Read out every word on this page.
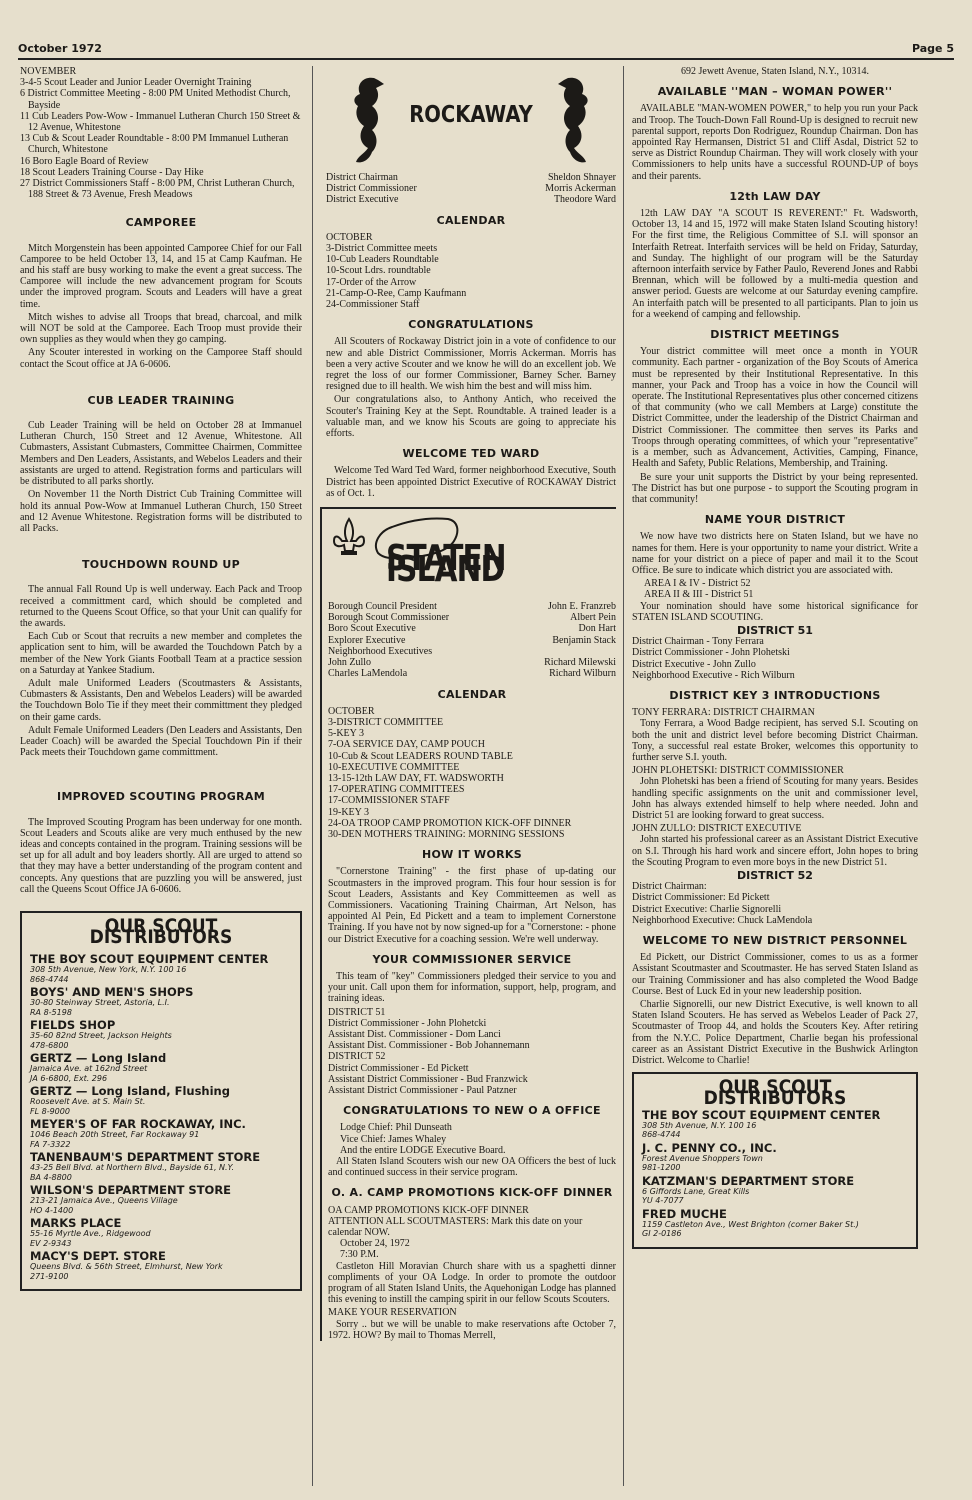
October 1972	Page 5
NOVEMBER
3-4-5 Scout Leader and Junior Leader Overnight Training
6 District Committee Meeting - 8:00 PM United Methodist Church, Bayside
11 Cub Leaders Pow-Wow - Immanuel Lutheran Church 150 Street & 12 Avenue, Whitestone
13 Cub & Scout Leader Roundtable - 8:00 PM Immanuel Lutheran Church, Whitestone
16 Boro Eagle Board of Review
18 Scout Leaders Training Course - Day Hike
27 District Commissioners Staff - 8:00 PM, Christ Lutheran Church, 188 Street & 73 Avenue, Fresh Meadows
CAMPOREE

Mitch Morgenstein has been appointed Camporee Chief for our Fall Camporee to be held October 13, 14, and 15 at Camp Kaufman. He and his staff are busy working to make the event a great success. The Camporee will include the new advancement program for Scouts under the improved program. Scouts and Leaders will have a great time.

Mitch wishes to advise all Troops that bread, charcoal, and milk will NOT be sold at the Camporee. Each Troop must provide their own supplies as they would when they go camping.

Any Scouter interested in working on the Camporee Staff should contact the Scout office at JA 6-0606.

CUB LEADER TRAINING

Cub Leader Training will be held on October 28 at Immanuel Lutheran Church, 150 Street and 12 Avenue, Whitestone. All Cubmasters, Assistant Cubmasters, Committee Chairmen, Committee Members and Den Leaders, Assistants, and Webelos Leaders and their assistants are urged to attend. Registration forms and particulars will be distributed to all parks shortly.

On November 11 the North District Cub Training Committee will hold its annual Pow-Wow at Immanuel Lutheran Church, 150 Street and 12 Avenue Whitestone. Registration forms will be distributed to all Packs.

TOUCHDOWN ROUND UP

The annual Fall Round Up is well underway. Each Pack and Troop received a committment card, which should be completed and returned to the Queens Scout Office, so that your Unit can qualify for the awards.

Each Cub or Scout that recruits a new member and completes the application sent to him, will be awarded the Touchdown Patch by a member of the New York Giants Football Team at a practice session on a Saturday at Yankee Stadium.

Adult male Uniformed Leaders (Scoutmasters & Assistants, Cubmasters & Assistants, Den and Webelos Leaders) will be awarded the Touchdown Bolo Tie if they meet their committment they pledged on their game cards.

Adult Female Uniformed Leaders (Den Leaders and Assistants, Den Leader Coach) will be awarded the Special Touchdown Pin if their Pack meets their Touchdown game committment.

IMPROVED SCOUTING PROGRAM

The Improved Scouting Program has been underway for one month. Scout Leaders and Scouts alike are very much enthused by the new ideas and concepts contained in the program. Training sessions will be set up for all adult and boy leaders shortly. All are urged to attend so that they may have a better understanding of the program content and concepts. Any questions that are puzzling you will be answered, just call the Queens Scout Office JA 6-0606.

OUR SCOUT DISTRIBUTORS
THE BOY SCOUT EQUIPMENT CENTER
308 5th Avenue, New York, N.Y. 100 16
868-4744
BOYS' AND MEN'S SHOPS
30-80 Steinway Street, Astoria, L.I.
RA 8-5198
FIELDS SHOP
35-60 82nd Street, Jackson Heights
478-6800
GERTZ — Long Island
Jamaica Ave. at 162nd Street
JA 6-6800, Ext. 296
GERTZ — Long Island, Flushing
Roosevelt Ave. at S. Main St.
FL 8-9000
MEYER'S OF FAR ROCKAWAY, INC.
1046 Beach 20th Street, Far Rockaway 91
FA 7-3322
TANENBAUM'S DEPARTMENT STORE
43-25 Bell Blvd. at Northern Blvd., Bayside 61, N.Y.
BA 4-8800
WILSON'S DEPARTMENT STORE
213-21 Jamaica Ave., Queens Village
HO 4-1400
MARKS PLACE
55-16 Myrtle Ave., Ridgewood
EV 2-9343
MACY'S DEPT. STORE
Queens Blvd. & 56th Street, Elmhurst, New York
271-9100
ROCKAWAY
District Chairman	Sheldon Shnayer
District Commissioner	Morris Ackerman
District Executive	Theodore Ward
CALENDAR
OCTOBER
3-District Committee meets
10-Cub Leaders Roundtable
10-Scout Ldrs. roundtable
17-Order of the Arrow
21-Camp-O-Ree, Camp Kaufmann
24-Commissioner Staff
CONGRATULATIONS

All Scouters of Rockaway District join in a vote of confidence to our new and able District Commissioner, Morris Ackerman. Morris has been a very active Scouter and we know he will do an excellent job. We regret the loss of our former Commissioner, Barney Scher. Barney resigned due to ill health. We wish him the best and will miss him.

Our congratulations also, to Anthony Antich, who received the Scouter's Training Key at the Sept. Roundtable. A trained leader is a valuable man, and we know his Scouts are going to appreciate his efforts.

WELCOME TED WARD

Welcome Ted Ward Ted Ward, former neighborhood Executive, South District has been appointed District Executive of ROCKAWAY District as of Oct. 1.

STATEN ISLAND
Borough Council President	John E. Franzreb
Borough Scout Commissioner	Albert Pein
Boro Scout Executive	Don Hart
Explorer Executive	Benjamin Stack
Neighborhood Executives
John Zullo	Richard Milewski
Charles LaMendola	Richard Wilburn
CALENDAR
OCTOBER
3-DISTRICT COMMITTEE
5-KEY 3
7-OA SERVICE DAY, CAMP POUCH
10-Cub & Scout LEADERS ROUND TABLE
10-EXECUTIVE COMMITTEE
13-15-12th LAW DAY, FT. WADSWORTH
17-OPERATING COMMITTEES
17-COMMISSIONER STAFF
19-KEY 3
24-OA TROOP CAMP PROMOTION KICK-OFF DINNER
30-DEN MOTHERS TRAINING: MORNING SESSIONS
HOW IT WORKS

"Cornerstone Training" - the first phase of up-dating our Scoutmasters in the improved program. This four hour session is for Scout Leaders, Assistants and Key Committeemen as well as Commissioners. Vacationing Training Chairman, Art Nelson, has appointed Al Pein, Ed Pickett and a team to implement Cornerstone Training. If you have not by now signed-up for a "Cornerstone: - phone our District Executive for a coaching session. We're well underway.

YOUR COMMISSIONER SERVICE

This team of "key" Commissioners pledged their service to you and your unit. Call upon them for information, support, help, program, and training ideas.

DISTRICT 51
District Commissioner - John Plohetcki
Assistant Dist. Commissioner - Dom Lanci
Assistant Dist. Commissioner - Bob Johannemann
DISTRICT 52
District Commissioner - Ed Pickett
Assistant District Commissioner - Bud Franzwick
Assistant District Commissioner - Paul Patzner
CONGRATULATIONS TO NEW O A OFFICE
Lodge Chief: Phil Dunseath
Vice Chief: James Whaley
And the entire LODGE Executive Board.

All Staten Island Scouters wish our new OA Officers the best of luck and continued success in their service program.

O. A. CAMP PROMOTIONS KICK-OFF DINNER
OA CAMP PROMOTIONS KICK-OFF DINNER
ATTENTION ALL SCOUTMASTERS: Mark this date on your calendar NOW.
October 24, 1972
7:30 P.M.

Castleton Hill Moravian Church share with us a spaghetti dinner compliments of your OA Lodge. In order to promote the outdoor program of all Staten Island Units, the Aquehonigan Lodge has planned this evening to instill the camping spirit in our fellow Scouts Scouters.

MAKE YOUR RESERVATION

Sorry .. but we will be unable to make reservations afte October 7, 1972. HOW? By mail to Thomas Merrell,

692 Jewett Avenue, Staten Island, N.Y., 10314.
AVAILABLE ''MAN – WOMAN POWER''

AVAILABLE "MAN-WOMEN POWER," to help you run your Pack and Troop. The Touch-Down Fall Round-Up is designed to recruit new parental support, reports Don Rodriguez, Roundup Chairman. Don has appointed Ray Hermansen, District 51 and Cliff Asdal, District 52 to serve as District Roundup Chairman. They will work closely with your Commissioners to help units have a successful ROUND-UP of boys and their parents.

12th LAW DAY

12th LAW DAY "A SCOUT IS REVERENT:" Ft. Wadsworth, October 13, 14 and 15, 1972 will make Staten Island Scouting history! For the first time, the Religious Committee of S.I. will sponsor an Interfaith Retreat. Interfaith services will be held on Friday, Saturday, and Sunday. The highlight of our program will be the Saturday afternoon interfaith service by Father Paulo, Reverend Jones and Rabbi Brennan, which will be followed by a multi-media question and answer period. Guests are welcome at our Saturday evening campfire. An interfaith patch will be presented to all participants. Plan to join us for a weekend of camping and fellowship.

DISTRICT MEETINGS

Your district committee will meet once a month in YOUR community. Each partner - organization of the Boy Scouts of America must be represented by their Institutional Representative. In this manner, your Pack and Troop has a voice in how the Council will operate. The Institutional Representatives plus other concerned citizens of that community (who we call Members at Large) constitute the District Committee, under the leadership of the District Chairman and District Commissioner. The committee then serves its Parks and Troops through operating committees, of which your "representative" is a member, such as Advancement, Activities, Camping, Finance, Health and Safety, Public Relations, Membership, and Training.

Be sure your unit supports the District by your being represented. The District has but one purpose - to support the Scouting program in that community!

NAME YOUR DISTRICT

We now have two districts here on Staten Island, but we have no names for them. Here is your opportunity to name your district. Write a name for your district on a piece of paper and mail it to the Scout Office. Be sure to indicate which district you are associated with.

AREA I & IV - District 52
AREA II & III - District 51

Your nomination should have some historical significance for STATEN ISLAND SCOUTING.

DISTRICT 51
District Chairman - Tony Ferrara
District Commissioner - John Plohetski
District Executive - John Zullo
Neighborhood Executive - Rich Wilburn
DISTRICT KEY 3 INTRODUCTIONS
TONY FERRARA: DISTRICT CHAIRMAN

Tony Ferrara, a Wood Badge recipient, has served S.I. Scouting on both the unit and district level before becoming District Chairman. Tony, a successful real estate Broker, welcomes this opportunity to further serve S.I. youth.

JOHN PLOHETSKI: DISTRICT COMMISSIONER

John Plohetski has been a friend of Scouting for many years. Besides handling specific assignments on the unit and commissioner level, John has always extended himself to help where needed. John and District 51 are looking forward to great success.

JOHN ZULLO: DISTRICT EXECUTIVE

John started his professional career as an Assistant District Executive on S.I. Through his hard work and sincere effort, John hopes to bring the Scouting Program to even more boys in the new District 51.

DISTRICT 52
District Chairman:
District Commissioner: Ed Pickett
District Executive: Charlie Signorelli
Neighborhood Executive: Chuck LaMendola
WELCOME TO NEW DISTRICT PERSONNEL

Ed Pickett, our District Commissioner, comes to us as a former Assistant Scoutmaster and Scoutmaster. He has served Staten Island as our Training Commissioner and has also completed the Wood Badge Course. Best of Luck Ed in your new leadership position.

Charlie Signorelli, our new District Executive, is well known to all Staten Island Scouters. He has served as Webelos Leader of Pack 27, Scoutmaster of Troop 44, and holds the Scouters Key. After retiring from the N.Y.C. Police Department, Charlie began his professional career as an Assistant District Executive in the Bushwick Arlington District. Welcome to Charlie!

OUR SCOUT DISTRIBUTORS
THE BOY SCOUT EQUIPMENT CENTER
308 5th Avenue, N.Y. 100 16
868-4744
J. C. PENNY CO., INC.
Forest Avenue Shoppers Town
981-1200
KATZMAN'S DEPARTMENT STORE
6 Giffords Lane, Great Kills
YU 4-7077
FRED MUCHE
1159 Castleton Ave., West Brighton (corner Baker St.)
GI 2-0186
